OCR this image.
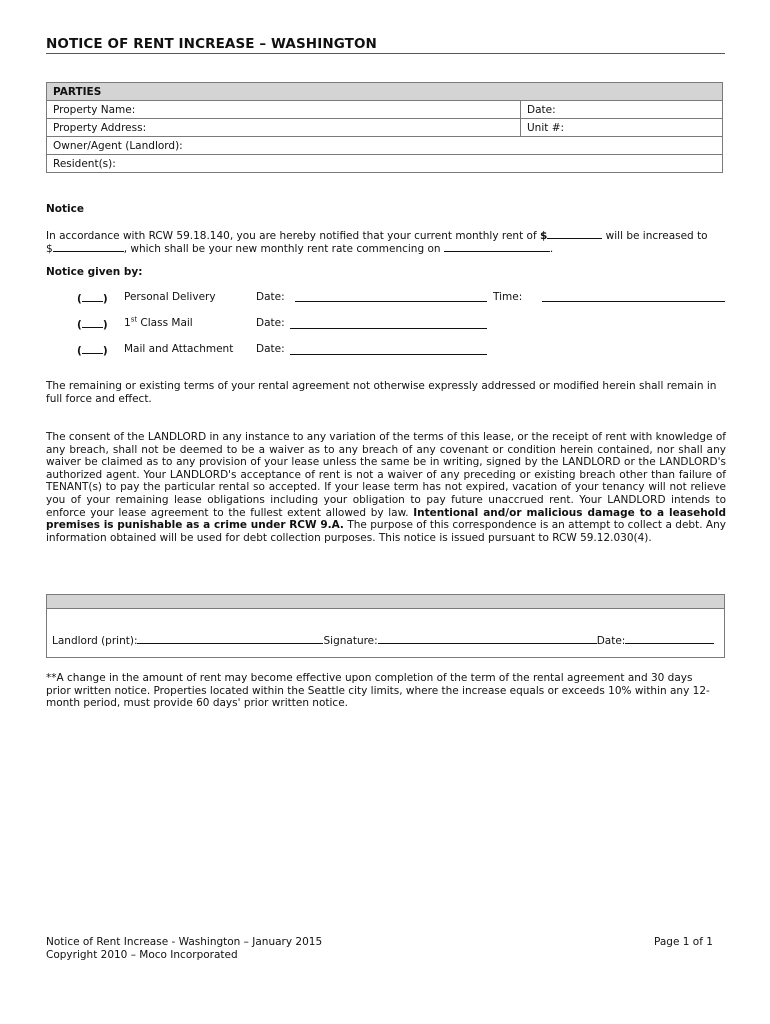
NOTICE OF RENT INCREASE – WASHINGTON
PARTIES	
Property Name:	Date:
Property Address:	Unit #:
Owner/Agent (Landlord):	
Resident(s):	
Notice
In accordance with RCW 59.18.140, you are hereby notified that your current monthly rent of $	will be increased to
$	, which shall be your new monthly rent rate commencing on	.
Notice given by:
( ) Personal Delivery	Date:	Time:
( ) 1st Class Mail	Date:
( ) Mail and Attachment Date:
The remaining or existing terms of your rental agreement not otherwise expressly addressed or modified herein shall remain in full force and effect.
The consent of the LANDLORD in any instance to any variation of the terms of this lease, or the receipt of rent with knowledge of any breach, shall not be deemed to be a waiver as to any breach of any covenant or condition herein contained, nor shall any waiver be claimed as to any provision of your lease unless the same be in writing, signed by the LANDLORD or the LANDLORD's authorized agent. Your LANDLORD's acceptance of rent is not a waiver of any preceding or existing breach other than failure of TENANT(s) to pay the particular rental so accepted. If your lease term has not expired, vacation of your tenancy will not relieve you of your remaining lease obligations including your obligation to pay future unaccrued rent. Your LANDLORD intends to enforce your lease agreement to the fullest extent allowed by law. Intentional and/or malicious damage to a leasehold premises is punishable as a crime under RCW 9.A. The purpose of this correspondence is an attempt to collect a debt. Any information obtained will be used for debt collection purposes. This notice is issued pursuant to RCW 59.12.030(4).
Landlord (print):	Signature:	Date:
**A change in the amount of rent may become effective upon completion of the term of the rental agreement and 30 days prior written notice. Properties located within the Seattle city limits, where the increase equals or exceeds 10% within any 12-month period, must provide 60 days' prior written notice.
Notice of Rent Increase - Washington – January 2015
Copyright 2010 – Moco Incorporated
Page 1 of 1
